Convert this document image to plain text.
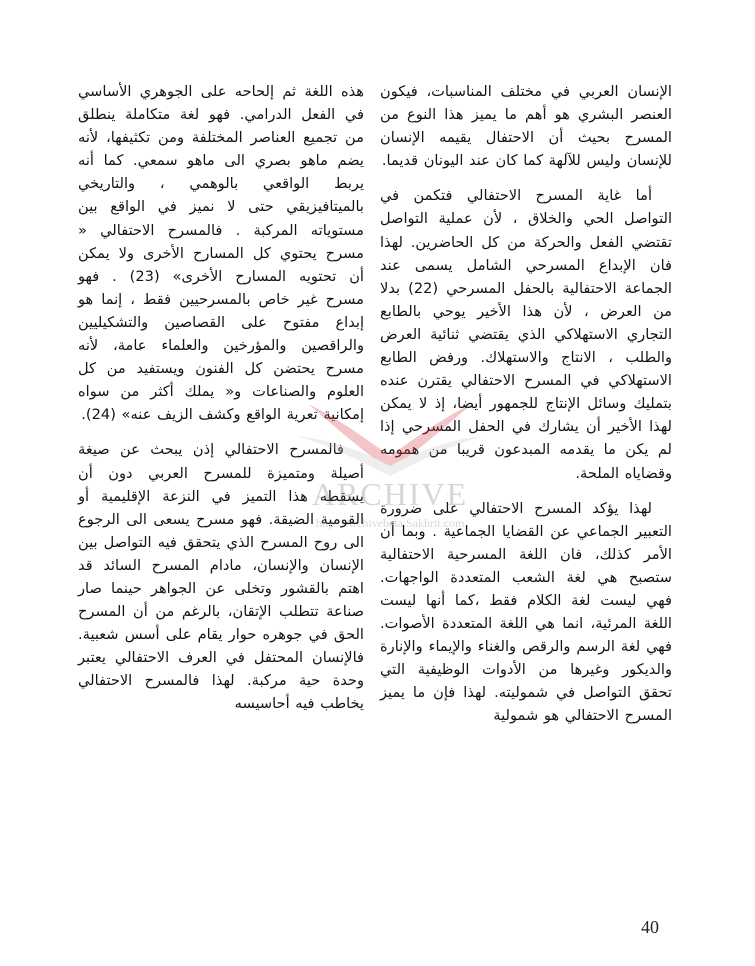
الإنسان العربي في مختلف المناسبات، فيكون العنصر البشري هو أهم ما يميز هذا النوع من المسرح بحيث أن الاحتفال يقيمه الإنسان للإنسان وليس للآلهة كما كان عند اليونان قديما.

أما غاية المسرح الاحتفالي فتكمن في التواصل الحي والخلاق ، لأن عملية التواصل تقتضي الفعل والحركة من كل الحاضرين. لهذا فان الإبداع المسرحي الشامل يسمى عند الجماعة الاحتفالية بالحفل المسرحي (22) بدلا من العرض ، لأن هذا الأخير يوحي بالطابع التجاري الاستهلاكي الذي يقتضي ثنائية العرض والطلب ، الانتاج والاستهلاك. ورفض الطابع الاستهلاكي في المسرح الاحتفالي يقترن عنده بتمليك وسائل الإنتاج للجمهور أيضا، إذ لا يمكن لهذا الأخير أن يشارك في الحفل المسرحي إذا لم يكن ما يقدمه المبدعون قريبا من همومه وقضاياه الملحة.

لهذا يؤكد المسرح الاحتفالي على ضرورة التعبير الجماعي عن القضايا الجماعية . وبما أن الأمر كذلك، فان اللغة المسرحية الاحتفالية ستصبح هي لغة الشعب المتعددة الواجهات. فهي ليست لغة الكلام فقط ،كما أنها ليست اللغة المرئية، انما هي اللغة المتعددة الأصوات. فهي لغة الرسم والرقص والغناء والإيماء والإنارة والديكور وغيرها من الأدوات الوظيفية التي تحقق التواصل في شموليته. لهذا فإن ما يميز المسرح الاحتفالي هو شمولية

هذه اللغة ثم إلحاحه على الجوهري الأساسي في الفعل الدرامي. فهو لغة متكاملة ينطلق من تجميع العناصر المختلفة ومن تكثيفها، لأنه يضم ماهو بصري الى ماهو سمعي. كما أنه يربط الواقعي بالوهمي ، والتاريخي بالميتافيزيقي حتى لا نميز في الواقع بين مستوياته المركبة . فالمسرح الاحتفالي « مسرح يحتوي كل المسارح الأخرى ولا يمكن أن تحتويه المسارح الأخرى» (23) . فهو مسرح غير خاص بالمسرحيين فقط ، إنما هو إبداع مفتوح على القصاصين والتشكيليين والراقصين والمؤرخين والعلماء عامة، لأنه مسرح يحتضن كل الفنون ويستفيد من كل العلوم والصناعات و« يملك أكثر من سواه إمكانية تعرية الواقع وكشف الزيف عنه» (24).

فالمسرح الاحتفالي إذن يبحث عن صيغة أصيلة ومتميزة للمسرح العربي دون أن يسقطه هذا التميز في النزعة الإقليمية أو القومية الضيقة. فهو مسرح يسعى الى الرجوع الى روح المسرح الذي يتحقق فيه التواصل بين الإنسان والإنسان، مادام المسرح السائد قد اهتم بالقشور وتخلى عن الجواهر حينما صار صناعة تتطلب الإتقان، بالرغم من أن المسرح الحق في جوهره حوار يقام على أسس شعبية. فالإنسان المحتفل في العرف الاحتفالي يعتبر وحدة حية مركبة. لهذا فالمسرح الاحتفالي يخاطب فيه أحاسيسه

ARCHIVE
http://Archivebeta.Sakhrit.com
40
